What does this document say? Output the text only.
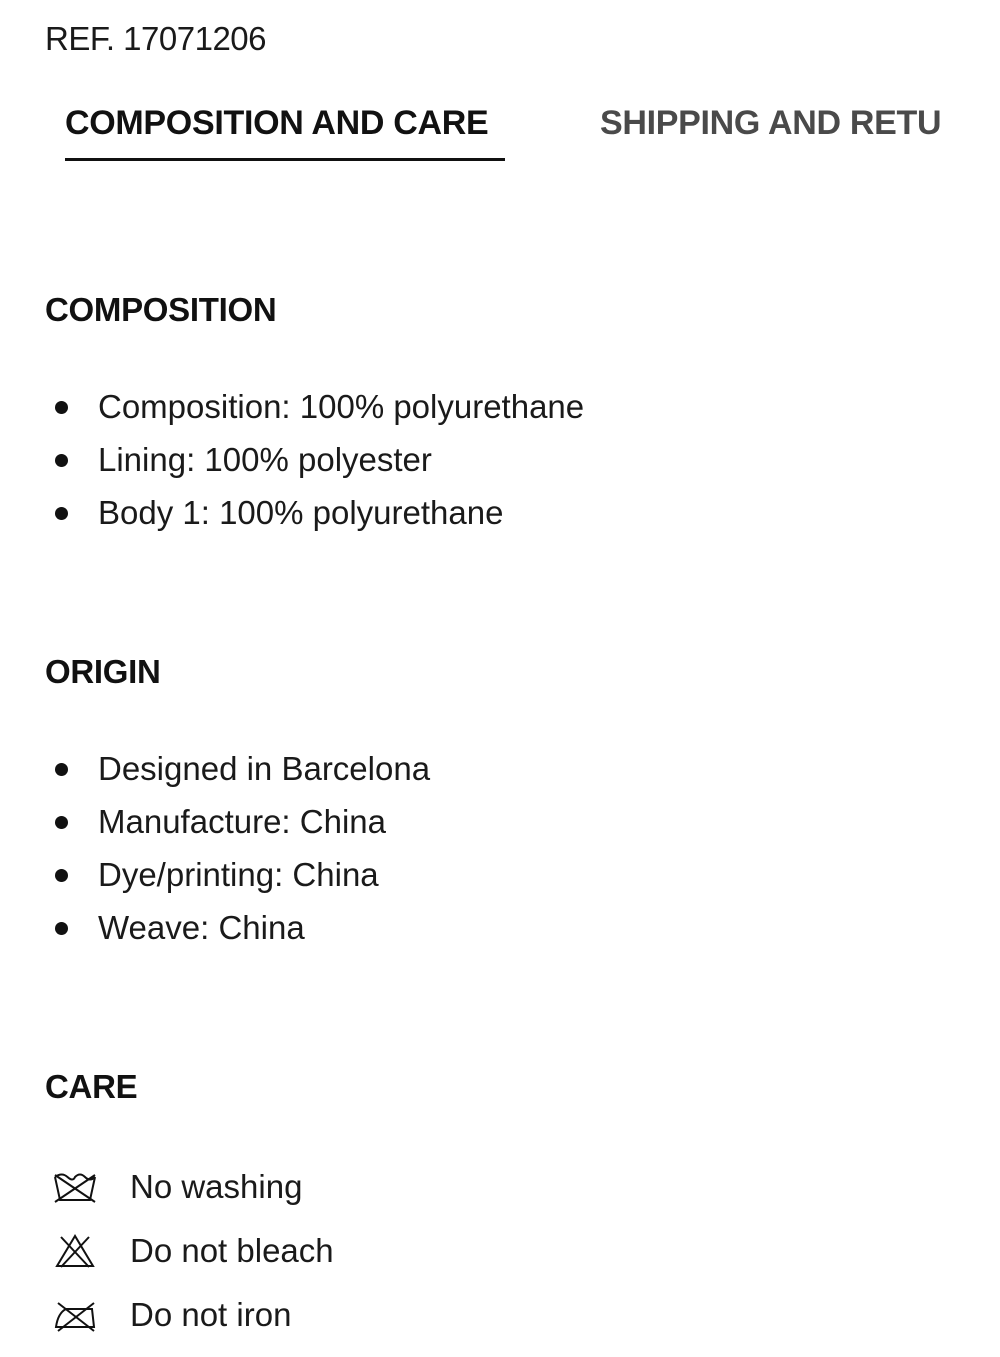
REF. 17071206
COMPOSITION AND CARE	SHIPPING AND RETU
COMPOSITION
Composition: 100% polyurethane
Lining: 100% polyester
Body 1: 100% polyurethane
ORIGIN
Designed in Barcelona
Manufacture: China
Dye/printing: China
Weave: China
CARE
No washing
Do not bleach
Do not iron
